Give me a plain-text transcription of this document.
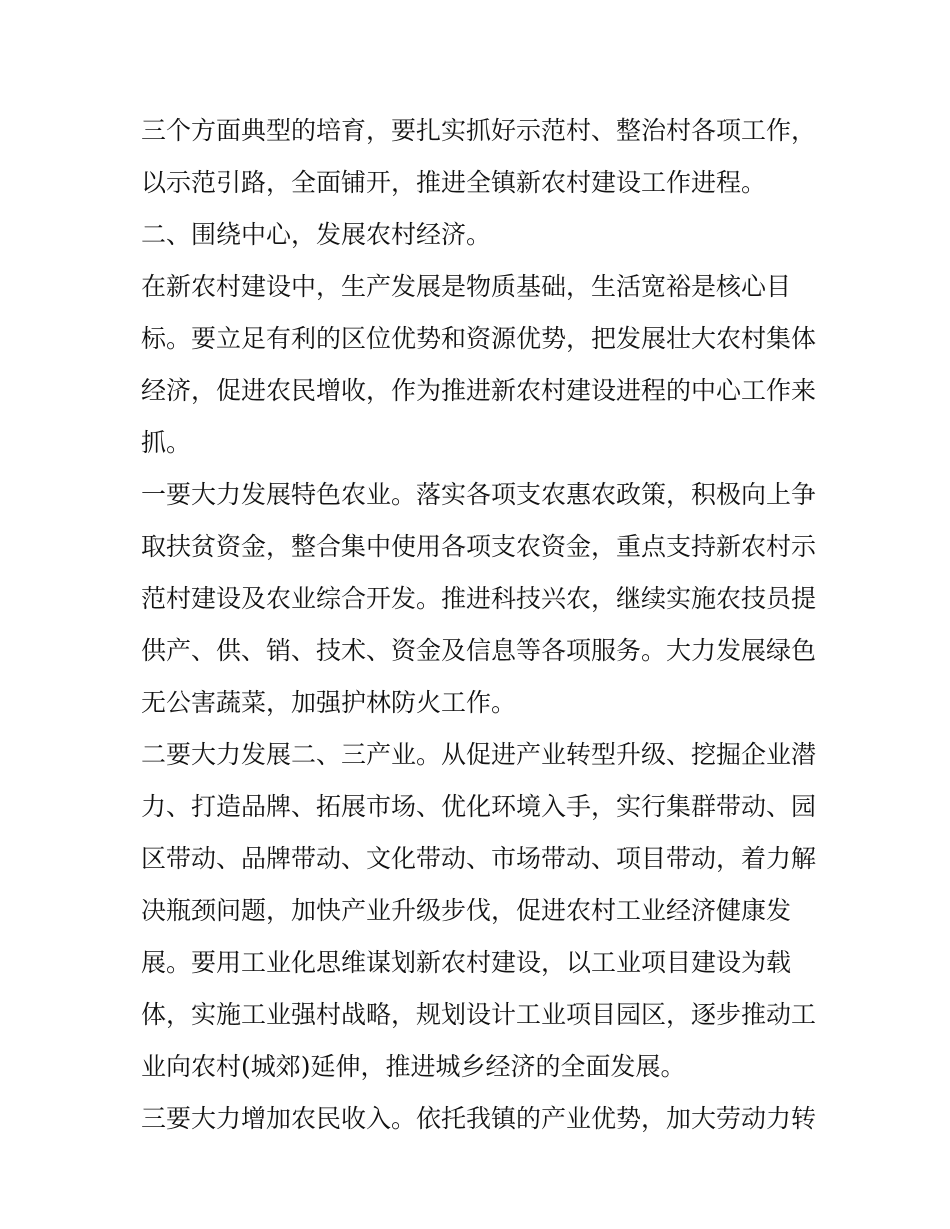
三个方面典型的培育，要扎实抓好示范村、整治村各项工作，
以示范引路，全面铺开，推进全镇新农村建设工作进程。

二、围绕中心，发展农村经济。

在新农村建设中，生产发展是物质基础，生活宽裕是核心目
标。要立足有利的区位优势和资源优势，把发展壮大农村集体
经济，促进农民增收，作为推进新农村建设进程的中心工作来
抓。

一要大力发展特色农业。落实各项支农惠农政策，积极向上争
取扶贫资金，整合集中使用各项支农资金，重点支持新农村示
范村建设及农业综合开发。推进科技兴农，继续实施农技员提
供产、供、销、技术、资金及信息等各项服务。大力发展绿色
无公害蔬菜，加强护林防火工作。

二要大力发展二、三产业。从促进产业转型升级、挖掘企业潜
力、打造品牌、拓展市场、优化环境入手，实行集群带动、园
区带动、品牌带动、文化带动、市场带动、项目带动，着力解
决瓶颈问题，加快产业升级步伐，促进农村工业经济健康发
展。要用工业化思维谋划新农村建设，以工业项目建设为载
体，实施工业强村战略，规划设计工业项目园区，逐步推动工
业向农村(城郊)延伸，推进城乡经济的全面发展。

三要大力增加农民收入。依托我镇的产业优势，加大劳动力转
